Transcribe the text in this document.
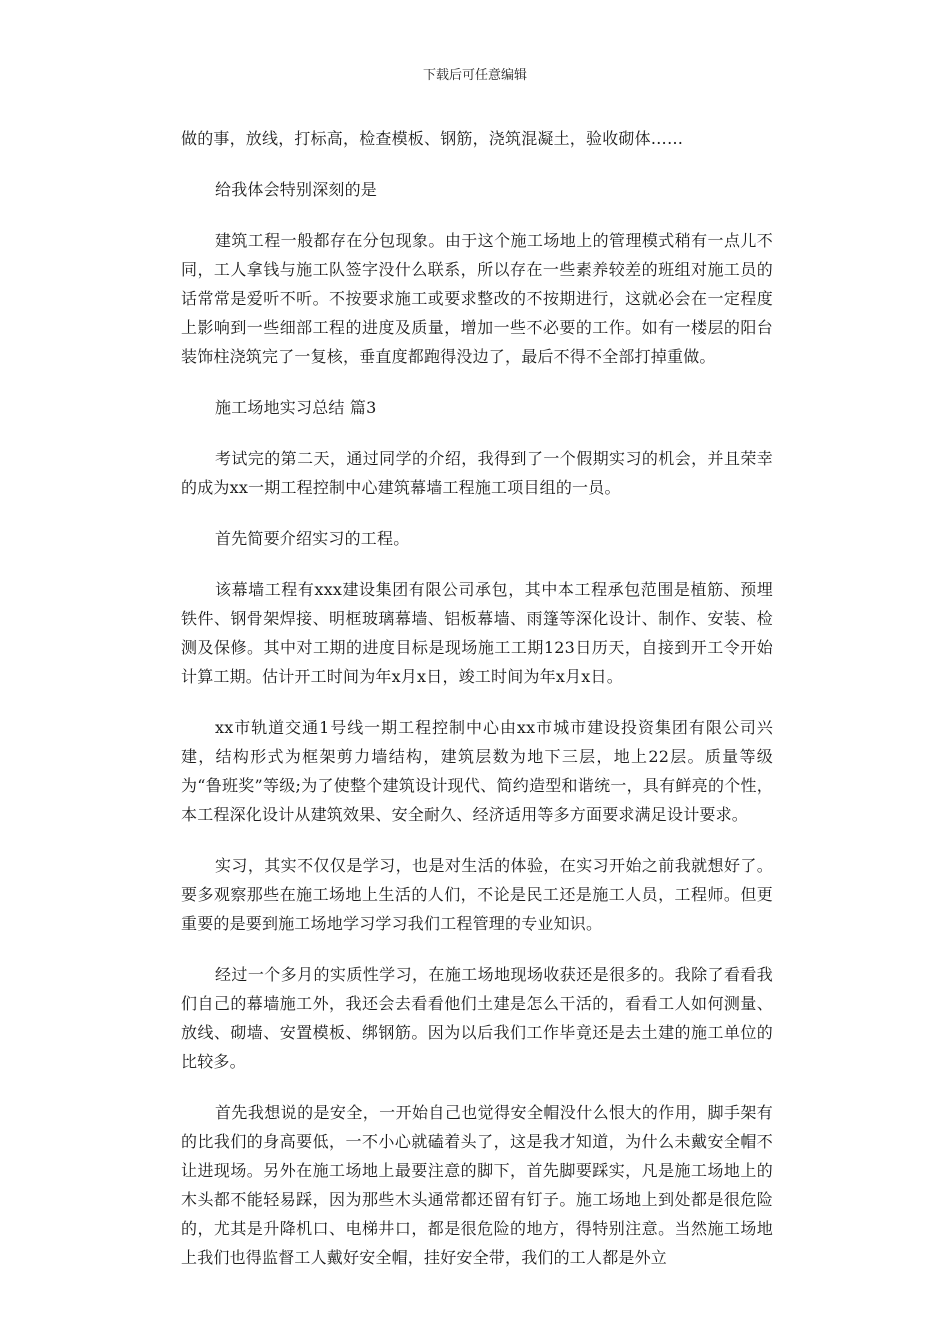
下载后可任意编辑

做的事，放线，打标高，检查模板、钢筋，浇筑混凝土，验收砌体……

给我体会特别深刻的是

建筑工程一般都存在分包现象。由于这个施工场地上的管理模式稍有一点儿不同，工人拿钱与施工队签字没什么联系，所以存在一些素养较差的班组对施工员的话常常是爱听不听。不按要求施工或要求整改的不按期进行，这就必会在一定程度上影响到一些细部工程的进度及质量，增加一些不必要的工作。如有一楼层的阳台装饰柱浇筑完了一复核，垂直度都跑得没边了，最后不得不全部打掉重做。

施工场地实习总结 篇3

考试完的第二天，通过同学的介绍，我得到了一个假期实习的机会，并且荣幸的成为xx一期工程控制中心建筑幕墙工程施工项目组的一员。

首先简要介绍实习的工程。

该幕墙工程有xxx建设集团有限公司承包，其中本工程承包范围是植筋、预埋铁件、钢骨架焊接、明框玻璃幕墙、铝板幕墙、雨篷等深化设计、制作、安装、检测及保修。其中对工期的进度目标是现场施工工期123日历天，自接到开工令开始计算工期。估计开工时间为年x月x日，竣工时间为年x月x日。

xx市轨道交通1号线一期工程控制中心由xx市城市建设投资集团有限公司兴建，结构形式为框架剪力墙结构，建筑层数为地下三层，地上22层。质量等级为“鲁班奖”等级;为了使整个建筑设计现代、简约造型和谐统一，具有鲜亮的个性，本工程深化设计从建筑效果、安全耐久、经济适用等多方面要求满足设计要求。

实习，其实不仅仅是学习，也是对生活的体验，在实习开始之前我就想好了。要多观察那些在施工场地上生活的人们，不论是民工还是施工人员，工程师。但更重要的是要到施工场地学习学习我们工程管理的专业知识。

经过一个多月的实质性学习，在施工场地现场收获还是很多的。我除了看看我们自己的幕墙施工外，我还会去看看他们土建是怎么干活的，看看工人如何测量、放线、砌墙、安置模板、绑钢筋。因为以后我们工作毕竟还是去土建的施工单位的比较多。

首先我想说的是安全，一开始自己也觉得安全帽没什么恨大的作用，脚手架有的比我们的身高要低，一不小心就磕着头了，这是我才知道，为什么未戴安全帽不让进现场。另外在施工场地上最要注意的脚下，首先脚要踩实，凡是施工场地上的木头都不能轻易踩，因为那些木头通常都还留有钉子。施工场地上到处都是很危险的，尤其是升降机口、电梯井口，都是很危险的地方，得特别注意。当然施工场地上我们也得监督工人戴好安全帽，挂好安全带，我们的工人都是外立
